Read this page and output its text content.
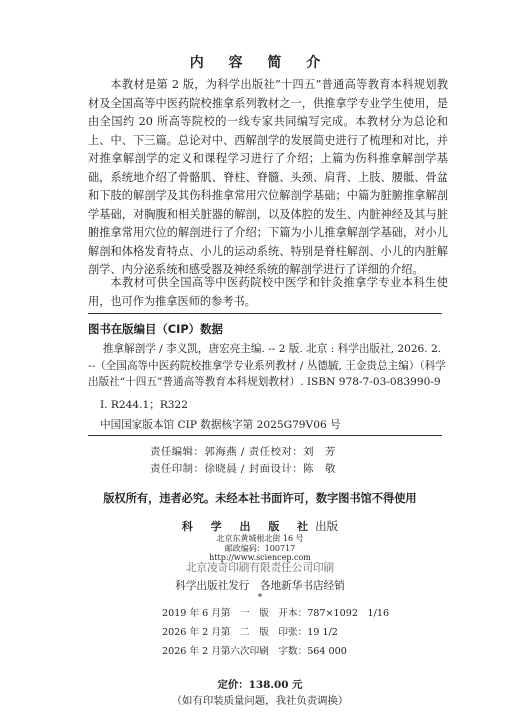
内 容 简 介

本教材是第 2 版，为科学出版社“十四五”普通高等教育本科规划教材及全国高等中医药院校推拿系列教材之一，供推拿学专业学生使用，是由全国约 20 所高等院校的一线专家共同编写完成。本教材分为总论和上、中、下三篇。总论对中、西解剖学的发展简史进行了梳理和对比，并对推拿解剖学的定义和课程学习进行了介绍；上篇为伤科推拿解剖学基础，系统地介绍了骨骼肌、脊柱、脊髓、头颈、肩背、上肢、腰骶、骨盆和下肢的解剖学及其伤科推拿常用穴位解剖学基础；中篇为脏腑推拿解剖学基础，对胸腹和相关脏器的解剖，以及体腔的发生、内脏神经及其与脏腑推拿常用穴位的解剖进行了介绍；下篇为小儿推拿解剖学基础，对小儿解剖和体格发育特点、小儿的运动系统、特别是脊柱解剖、小儿的内脏解剖学、内分泌系统和感受器及神经系统的解剖学进行了详细的介绍。

本教材可供全国高等中医药院校中医学和针灸推拿学专业本科生使用，也可作为推拿医师的参考书。

图书在版编目（CIP）数据

推拿解剖学 / 李义凯，唐宏亮主编. -- 2 版. 北京 : 科学出版社, 2026. 2. --（全国高等中医药院校推拿学专业系列教材 / 丛德毓, 王金贵总主编）（科学出版社“十四五”普通高等教育本科规划教材）. ISBN 978-7-03-083990-9

Ⅰ. R244.1；R322
中国国家版本馆 CIP 数据核字第 2025G79V06 号
责任编辑：郭海燕 / 责任校对：刘　芳
责任印制：徐晓晨 / 封面设计：陈　敬
版权所有，违者必究。未经本社书面许可，数字图书馆不得使用
科 学 出 版 社出版
北京东黄城根北街 16 号
邮政编码：100717
http://www.sciencep.com
北京凌奇印刷有限责任公司印刷
科学出版社发行　各地新华书店经销
*
2019 年 6 月第　一　版　开本：787×1092　1/16
2026 年 2 月第　二　版　印张：19 1/2
2026 年 2 月第六次印刷　字数：564 000
定价：138.00 元
（如有印装质量问题，我社负责调换）
